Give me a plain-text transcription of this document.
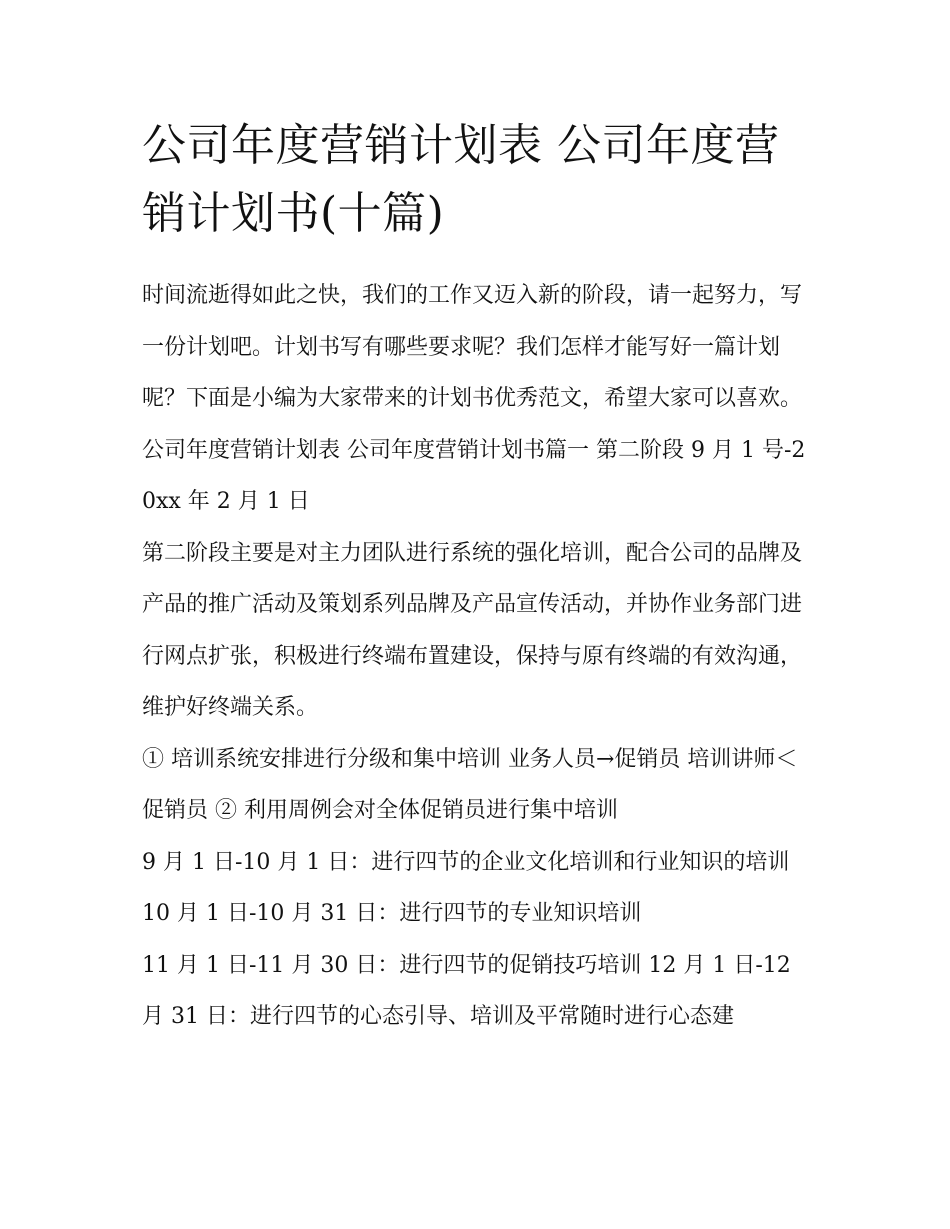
公司年度营销计划表 公司年度营销计划书(十篇)

时间流逝得如此之快，我们的工作又迈入新的阶段，请一起努力，写一份计划吧。计划书写有哪些要求呢？我们怎样才能写好一篇计划呢？下面是小编为大家带来的计划书优秀范文，希望大家可以喜欢。

公司年度营销计划表 公司年度营销计划书篇一 第二阶段 9 月 1 号-20xx 年 2 月 1 日

第二阶段主要是对主力团队进行系统的强化培训，配合公司的品牌及产品的推广活动及策划系列品牌及产品宣传活动，并协作业务部门进行网点扩张，积极进行终端布置建设，保持与原有终端的有效沟通，维护好终端关系。

① 培训系统安排进行分级和集中培训 业务人员→促销员 培训讲师＜ 促销员 ② 利用周例会对全体促销员进行集中培训

9 月 1 日-10 月 1 日：进行四节的企业文化培训和行业知识的培训 10 月 1 日-10 月 31 日：进行四节的专业知识培训

11 月 1 日-11 月 30 日：进行四节的促销技巧培训 12 月 1 日-12 月 31 日：进行四节的心态引导、培训及平常随时进行心态建
